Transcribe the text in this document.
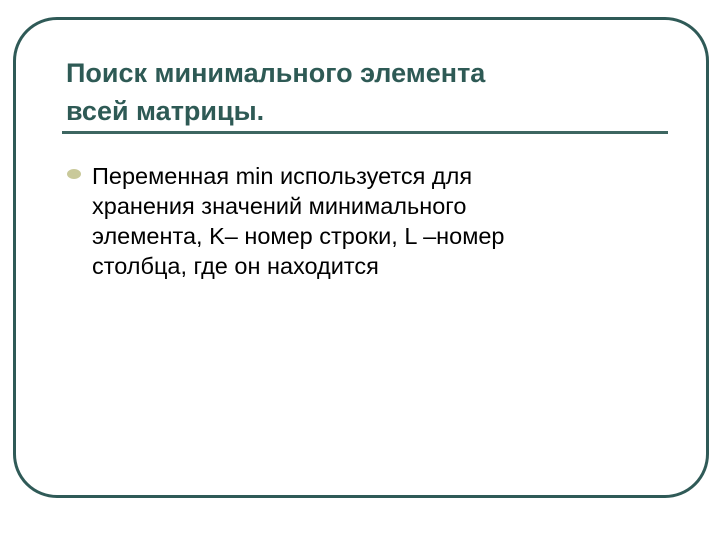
Поиск минимального элемента
всей матрицы.

Переменная min используется для
хранения значений минимального
элемента, K– номер строки, L –номер
столбца, где он находится
